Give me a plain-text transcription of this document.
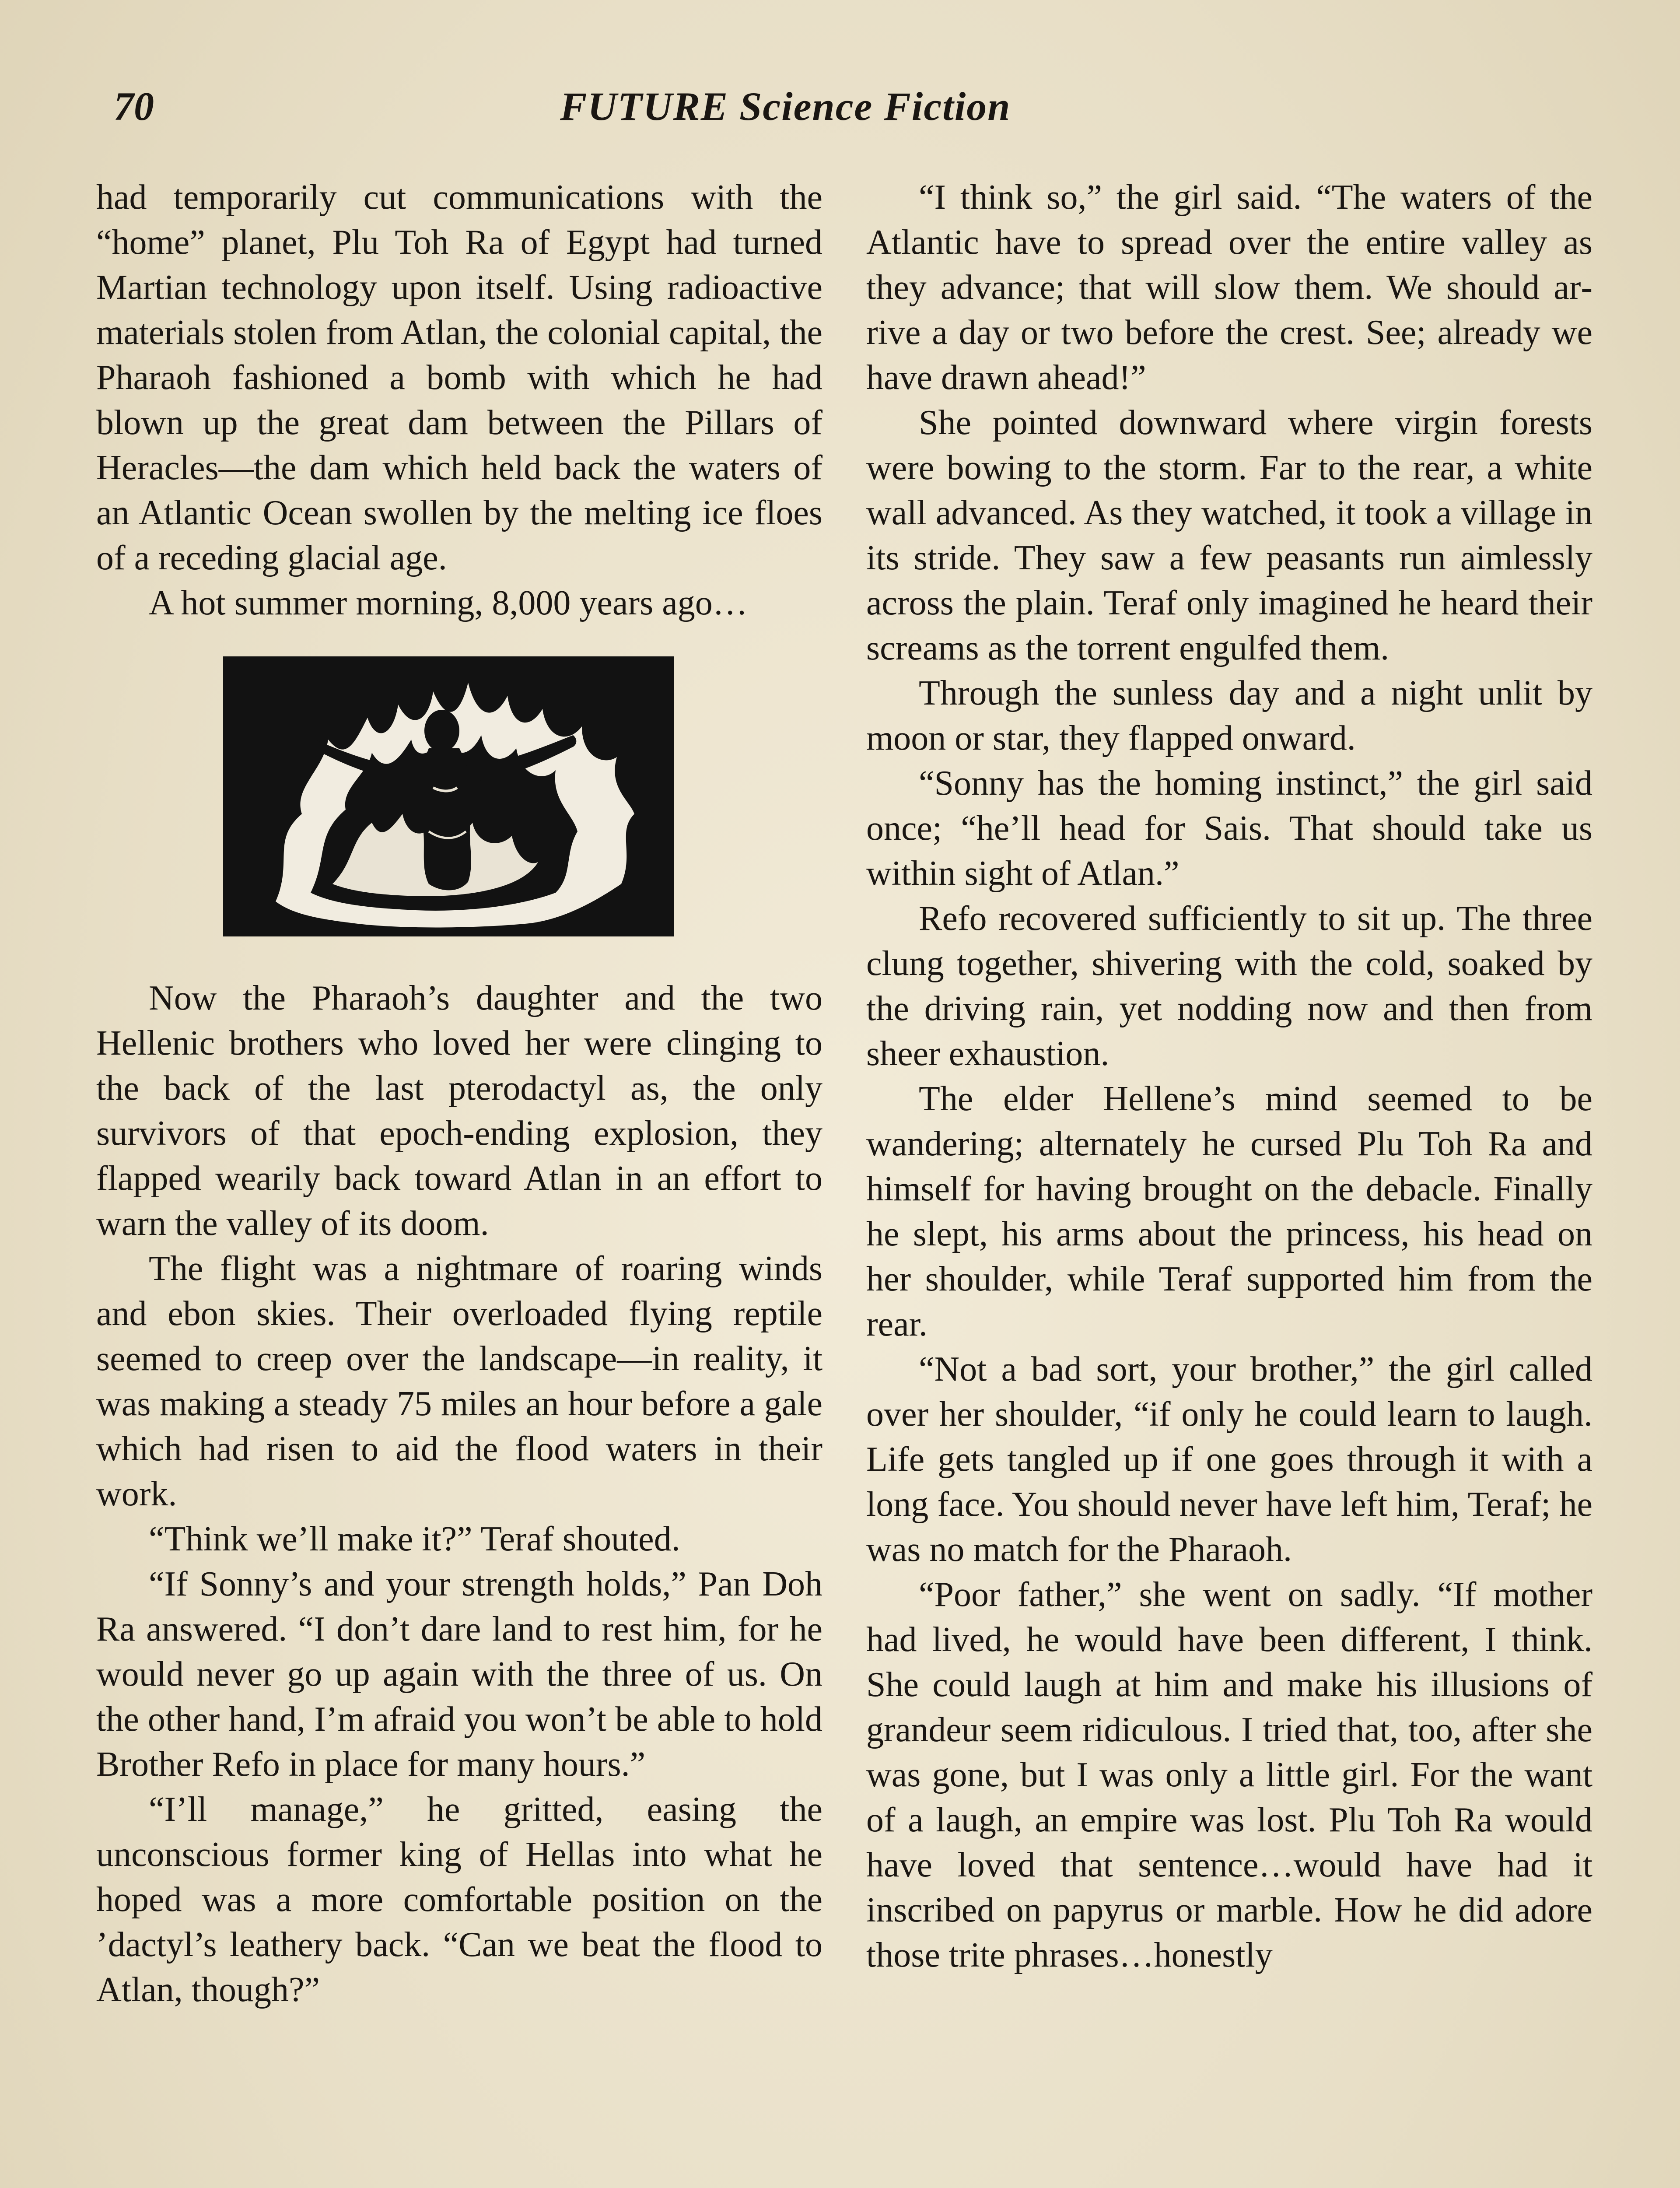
70	FUTURE Science Fiction

had temporarily cut communications with the “home” planet, Plu Toh Ra of Egypt had turned Martian technology upon itself. Using radioactive materials stolen from Atlan, the colonial capital, the Pharaoh fashioned a bomb with which he had blown up the great dam between the Pillars of Heracles—the dam which held back the waters of an Atlantic Ocean swollen by the melting ice floes of a receding glacial age.

A hot summer morning, 8,000 years ago…

Now the Pharaoh’s daughter and the two Hellenic brothers who loved her were clinging to the back of the last pterodactyl as, the only survivors of that epoch-ending explosion, they flapped wearily back toward Atlan in an effort to warn the valley of its doom.

The flight was a nightmare of roaring winds and ebon skies. Their overloaded flying reptile seemed to creep over the landscape—in reality, it was making a steady 75 miles an hour before a gale which had risen to aid the flood waters in their work.

“Think we’ll make it?” Teraf shouted.

“If Sonny’s and your strength holds,” Pan Doh Ra answered. “I don’t dare land to rest him, for he would never go up again with the three of us. On the other hand, I’m afraid you won’t be able to hold Brother Refo in place for many hours.”

“I’ll manage,” he gritted, easing the unconscious former king of Hellas into what he hoped was a more comfortable position on the ’dactyl’s leathery back. “Can we beat the flood to Atlan, though?”

“I think so,” the girl said. “The waters of the Atlantic have to spread over the entire valley as they advance; that will slow them. We should arrive a day or two before the crest. See; already we have drawn ahead!”

She pointed downward where virgin forests were bowing to the storm. Far to the rear, a white wall advanced. As they watched, it took a village in its stride. They saw a few peasants run aimlessly across the plain. Teraf only imagined he heard their screams as the torrent engulfed them.

Through the sunless day and a night unlit by moon or star, they flapped onward.

“Sonny has the homing instinct,” the girl said once; “he’ll head for Sais. That should take us within sight of Atlan.”

Refo recovered sufficiently to sit up. The three clung together, shivering with the cold, soaked by the driving rain, yet nodding now and then from sheer exhaustion.

The elder Hellene’s mind seemed to be wandering; alternately he cursed Plu Toh Ra and himself for having brought on the debacle. Finally he slept, his arms about the princess, his head on her shoulder, while Teraf supported him from the rear.

“Not a bad sort, your brother,” the girl called over her shoulder, “if only he could learn to laugh. Life gets tangled up if one goes through it with a long face. You should never have left him, Teraf; he was no match for the Pharaoh.

“Poor father,” she went on sadly. “If mother had lived, he would have been different, I think. She could laugh at him and make his illusions of grandeur seem ridiculous. I tried that, too, after she was gone, but I was only a little girl. For the want of a laugh, an empire was lost. Plu Toh Ra would have loved that sentence…would have had it inscribed on papyrus or marble. How he did adore those trite phrases…honestly
